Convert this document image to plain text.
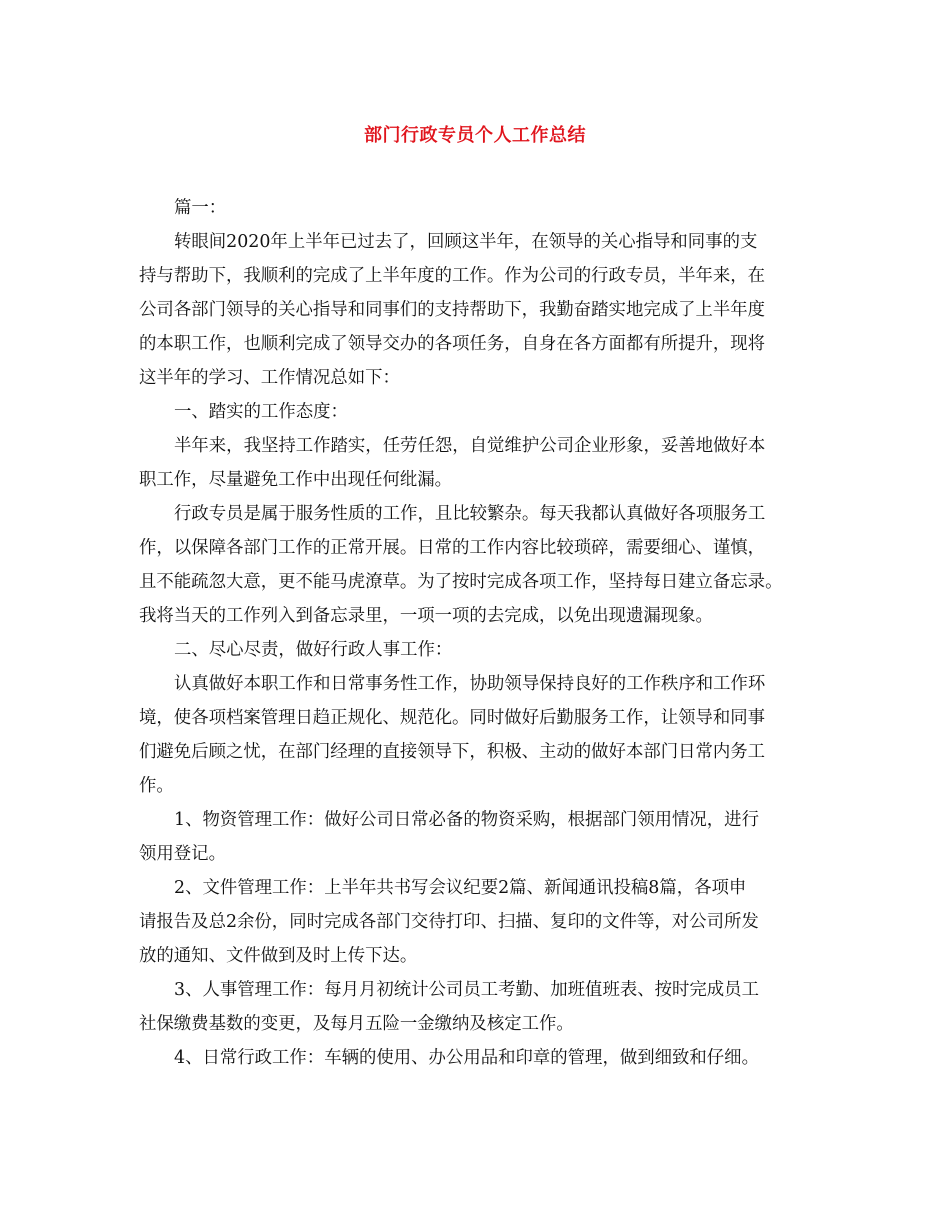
部门行政专员个人工作总结
篇一：
转眼间2020年上半年已过去了，回顾这半年，在领导的关心指导和同事的支
持与帮助下，我顺利的完成了上半年度的工作。作为公司的行政专员，半年来，在
公司各部门领导的关心指导和同事们的支持帮助下，我勤奋踏实地完成了上半年度
的本职工作，也顺利完成了领导交办的各项任务，自身在各方面都有所提升，现将
这半年的学习、工作情况总如下：
一、踏实的工作态度：
半年来，我坚持工作踏实，任劳任怨，自觉维护公司企业形象，妥善地做好本
职工作，尽量避免工作中出现任何纰漏。
行政专员是属于服务性质的工作，且比较繁杂。每天我都认真做好各项服务工
作，以保障各部门工作的正常开展。日常的工作内容比较琐碎，需要细心、谨慎，
且不能疏忽大意，更不能马虎潦草。为了按时完成各项工作，坚持每日建立备忘录。
我将当天的工作列入到备忘录里，一项一项的去完成，以免出现遗漏现象。
二、尽心尽责，做好行政人事工作：
认真做好本职工作和日常事务性工作，协助领导保持良好的工作秩序和工作环
境，使各项档案管理日趋正规化、规范化。同时做好后勤服务工作，让领导和同事
们避免后顾之忧，在部门经理的直接领导下，积极、主动的做好本部门日常内务工
作。
1、物资管理工作：做好公司日常必备的物资采购，根据部门领用情况，进行
领用登记。
2、文件管理工作：上半年共书写会议纪要2篇、新闻通讯投稿8篇，各项申
请报告及总2余份，同时完成各部门交待打印、扫描、复印的文件等，对公司所发
放的通知、文件做到及时上传下达。
3、人事管理工作：每月月初统计公司员工考勤、加班值班表、按时完成员工
社保缴费基数的变更，及每月五险一金缴纳及核定工作。
4、日常行政工作：车辆的使用、办公用品和印章的管理，做到细致和仔细。
